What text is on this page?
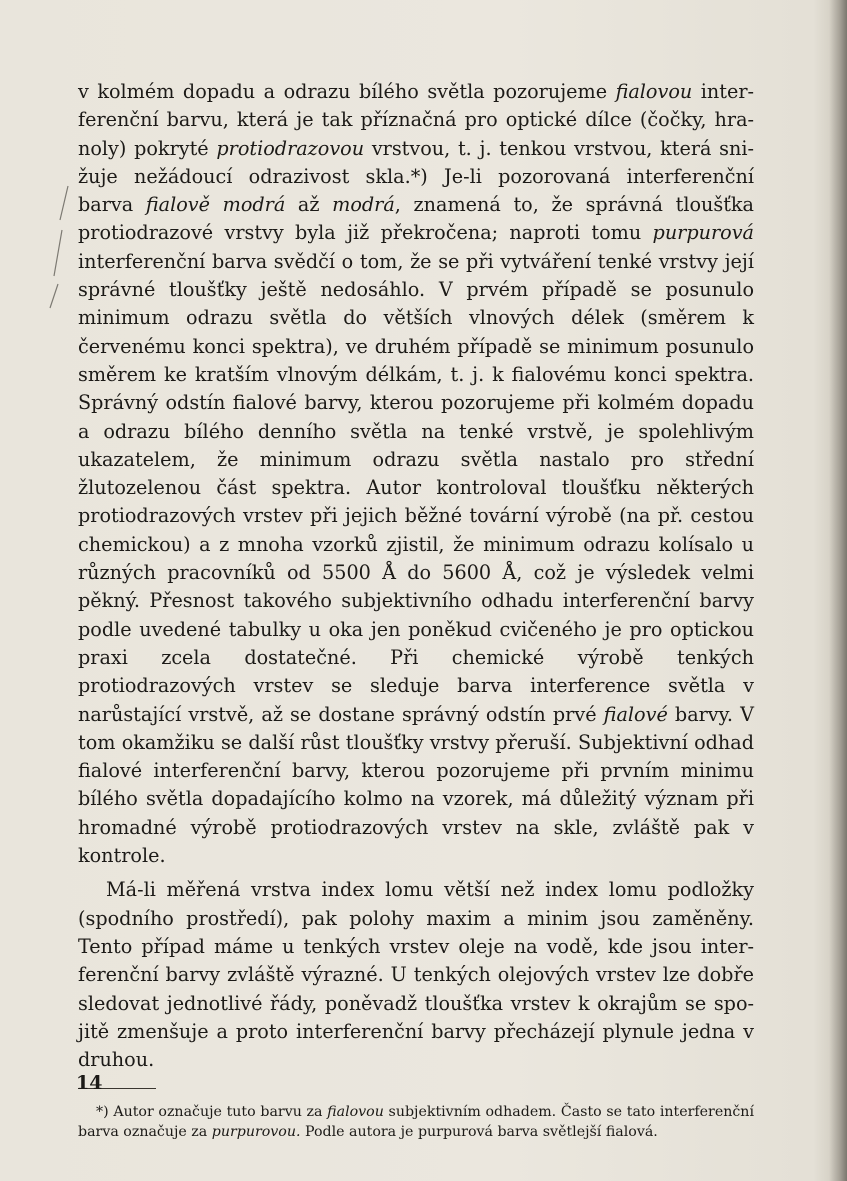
v kolmém dopadu a odrazu bílého světla pozorujeme fialovou interferenční barvu, která je tak příznačná pro optické dílce (čočky, hranoly) pokryté protiodrazovou vrstvou, t. j. tenkou vrstvou, která snižuje nežádoucí odrazivost skla.*) Je-li pozorovaná interferenční barva fialově modrá až modrá, znamená to, že správná tloušťka protiodrazové vrstvy byla již překročena; naproti tomu purpurová interferenční barva svědčí o tom, že se při vytváření tenké vrstvy její správné tloušťky ještě nedosáhlo. V prvém případě se posunulo minimum odrazu světla do větších vlnových délek (směrem k červenému konci spektra), ve druhém případě se minimum posunulo směrem ke kratším vlnovým délkám, t. j. k fialovému konci spektra. Správný odstín fialové barvy, kterou pozorujeme při kolmém dopadu a odrazu bílého denního světla na tenké vrstvě, je spolehlivým ukazatelem, že minimum odrazu světla nastalo pro střední žlutozelenou část spektra. Autor kontroloval tloušťku některých protiodrazových vrstev při jejich běžné tovární výrobě (na př. cestou chemickou) a z mnoha vzorků zjistil, že minimum odrazu kolísalo u různých pracovníků od 5500 Å do 5600 Å, což je výsledek velmi pěkný. Přesnost takového subjektivního odhadu interferenční barvy podle uvedené tabulky u oka jen poněkud cvičeného je pro optickou praxi zcela dostatečné. Při chemické výrobě tenkých protiodrazových vrstev se sleduje barva interference světla v narůstající vrstvě, až se dostane správný odstín prvé fialové barvy. V tom okamžiku se další růst tloušťky vrstvy přeruší. Subjektivní odhad fialové interferenční barvy, kterou pozorujeme při prvním minimu bílého světla dopadajícího kolmo na vzorek, má důležitý význam při hromadné výrobě protiodrazových vrstev na skle, zvláště pak v kontrole.

Má-li měřená vrstva index lomu větší než index lomu podložky (spodního prostředí), pak polohy maxim a minim jsou zaměněny. Tento případ máme u tenkých vrstev oleje na vodě, kde jsou interferenční barvy zvláště výrazné. U tenkých olejových vrstev lze dobře sledovat jednotlivé řády, poněvadž tloušťka vrstev k okrajům se spojitě zmenšuje a proto interferenční barvy přecházejí plynule jedna v druhou.

*) Autor označuje tuto barvu za fialovou subjektivním odhadem. Často se tato interferenční barva označuje za purpurovou. Podle autora je purpurová barva světlejší fialová.

14
